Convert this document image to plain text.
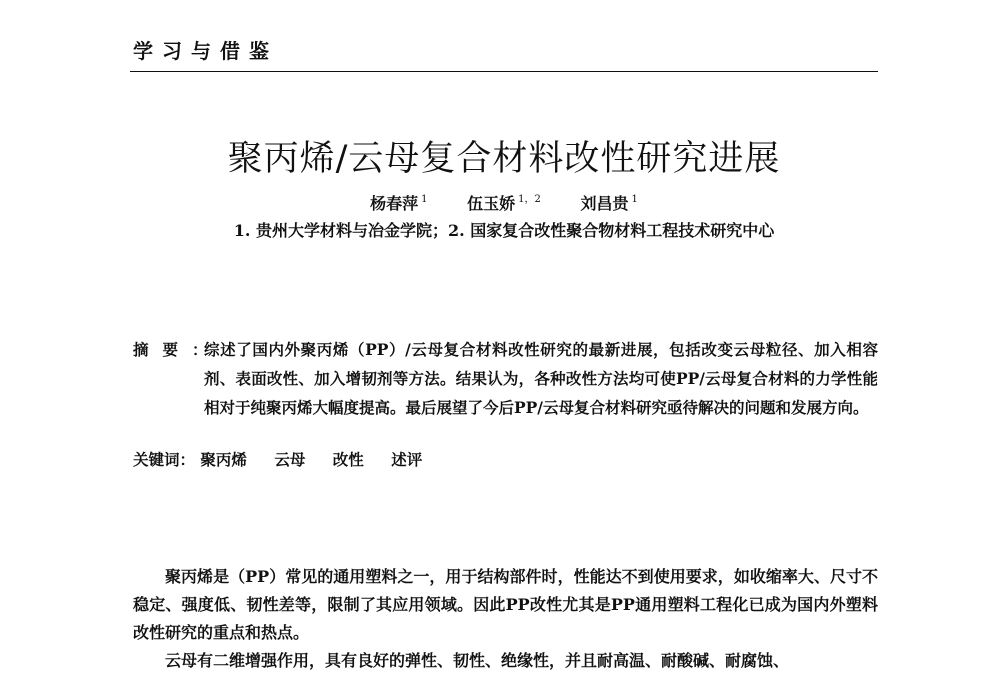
学习与借鉴
聚丙烯/云母复合材料改性研究进展
杨春萍 $^1$ 伍玉娇 $^{1,2}$ 刘昌贵 $^1$
1. 贵州大学材料与冶金学院；2. 国家复合改性聚合物材料工程技术研究中心
摘要：
综述了国内外聚丙烯（PP）/云母复合材料改性研究的最新进展，包括改变云母粒径、加入相容剂、表面改性、加入增韧剂等方法。结果认为，各种改性方法均可使PP/云母复合材料的力学性能相对于纯聚丙烯大幅度提高。最后展望了今后PP/云母复合材料研究亟待解决的问题和发展方向。
关键词： 聚丙烯 云母 改性 述评

聚丙烯是（PP）常见的通用塑料之一，用于结构部件时，性能达不到使用要求，如收缩率大、尺寸不稳定、强度低、韧性差等，限制了其应用领域。因此PP改性尤其是PP通用塑料工程化已成为国内外塑料改性研究的重点和热点。

云母有二维增强作用，具有良好的弹性、韧性、绝缘性，并且耐高温、耐酸碱、耐腐蚀、
